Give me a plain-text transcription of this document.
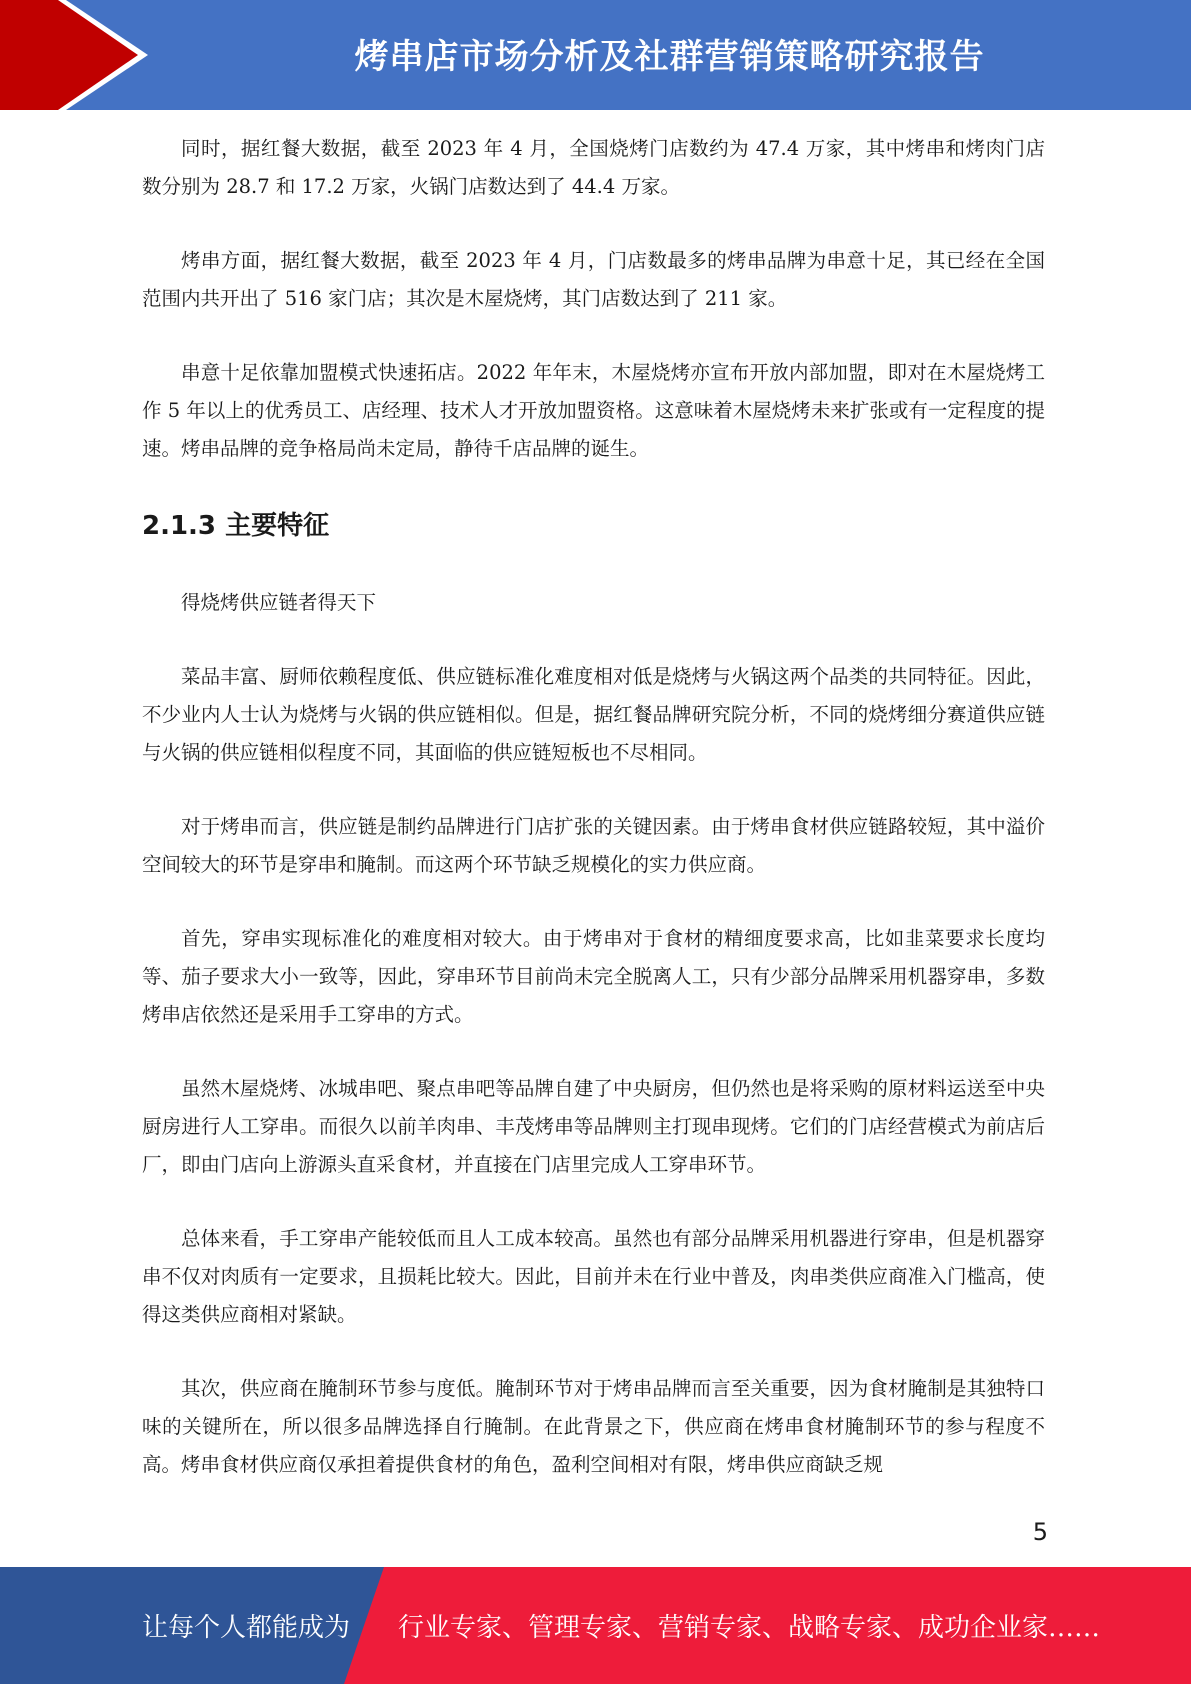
烤串店市场分析及社群营销策略研究报告

同时，据红餐大数据，截至 2023 年 4 月，全国烧烤门店数约为 47.4 万家，其中烤串和烤肉门店数分别为 28.7 和 17.2 万家，火锅门店数达到了 44.4 万家。

烤串方面，据红餐大数据，截至 2023 年 4 月，门店数最多的烤串品牌为串意十足，其已经在全国范围内共开出了 516 家门店；其次是木屋烧烤，其门店数达到了 211 家。

串意十足依靠加盟模式快速拓店。2022 年年末，木屋烧烤亦宣布开放内部加盟，即对在木屋烧烤工作 5 年以上的优秀员工、店经理、技术人才开放加盟资格。这意味着木屋烧烤未来扩张或有一定程度的提速。烤串品牌的竞争格局尚未定局，静待千店品牌的诞生。

2.1.3 主要特征

得烧烤供应链者得天下

菜品丰富、厨师依赖程度低、供应链标准化难度相对低是烧烤与火锅这两个品类的共同特征。因此，不少业内人士认为烧烤与火锅的供应链相似。但是，据红餐品牌研究院分析，不同的烧烤细分赛道供应链与火锅的供应链相似程度不同，其面临的供应链短板也不尽相同。

对于烤串而言，供应链是制约品牌进行门店扩张的关键因素。由于烤串食材供应链路较短，其中溢价空间较大的环节是穿串和腌制。而这两个环节缺乏规模化的实力供应商。

首先，穿串实现标准化的难度相对较大。由于烤串对于食材的精细度要求高，比如韭菜要求长度均等、茄子要求大小一致等，因此，穿串环节目前尚未完全脱离人工，只有少部分品牌采用机器穿串，多数烤串店依然还是采用手工穿串的方式。

虽然木屋烧烤、冰城串吧、聚点串吧等品牌自建了中央厨房，但仍然也是将采购的原材料运送至中央厨房进行人工穿串。而很久以前羊肉串、丰茂烤串等品牌则主打现串现烤。它们的门店经营模式为前店后厂，即由门店向上游源头直采食材，并直接在门店里完成人工穿串环节。

总体来看，手工穿串产能较低而且人工成本较高。虽然也有部分品牌采用机器进行穿串，但是机器穿串不仅对肉质有一定要求，且损耗比较大。因此，目前并未在行业中普及，肉串类供应商准入门槛高，使得这类供应商相对紧缺。

其次，供应商在腌制环节参与度低。腌制环节对于烤串品牌而言至关重要，因为食材腌制是其独特口味的关键所在，所以很多品牌选择自行腌制。在此背景之下，供应商在烤串食材腌制环节的参与程度不高。烤串食材供应商仅承担着提供食材的角色，盈利空间相对有限，烤串供应商缺乏规

5
让每个人都能成为 行业专家、管理专家、营销专家、战略专家、成功企业家……
